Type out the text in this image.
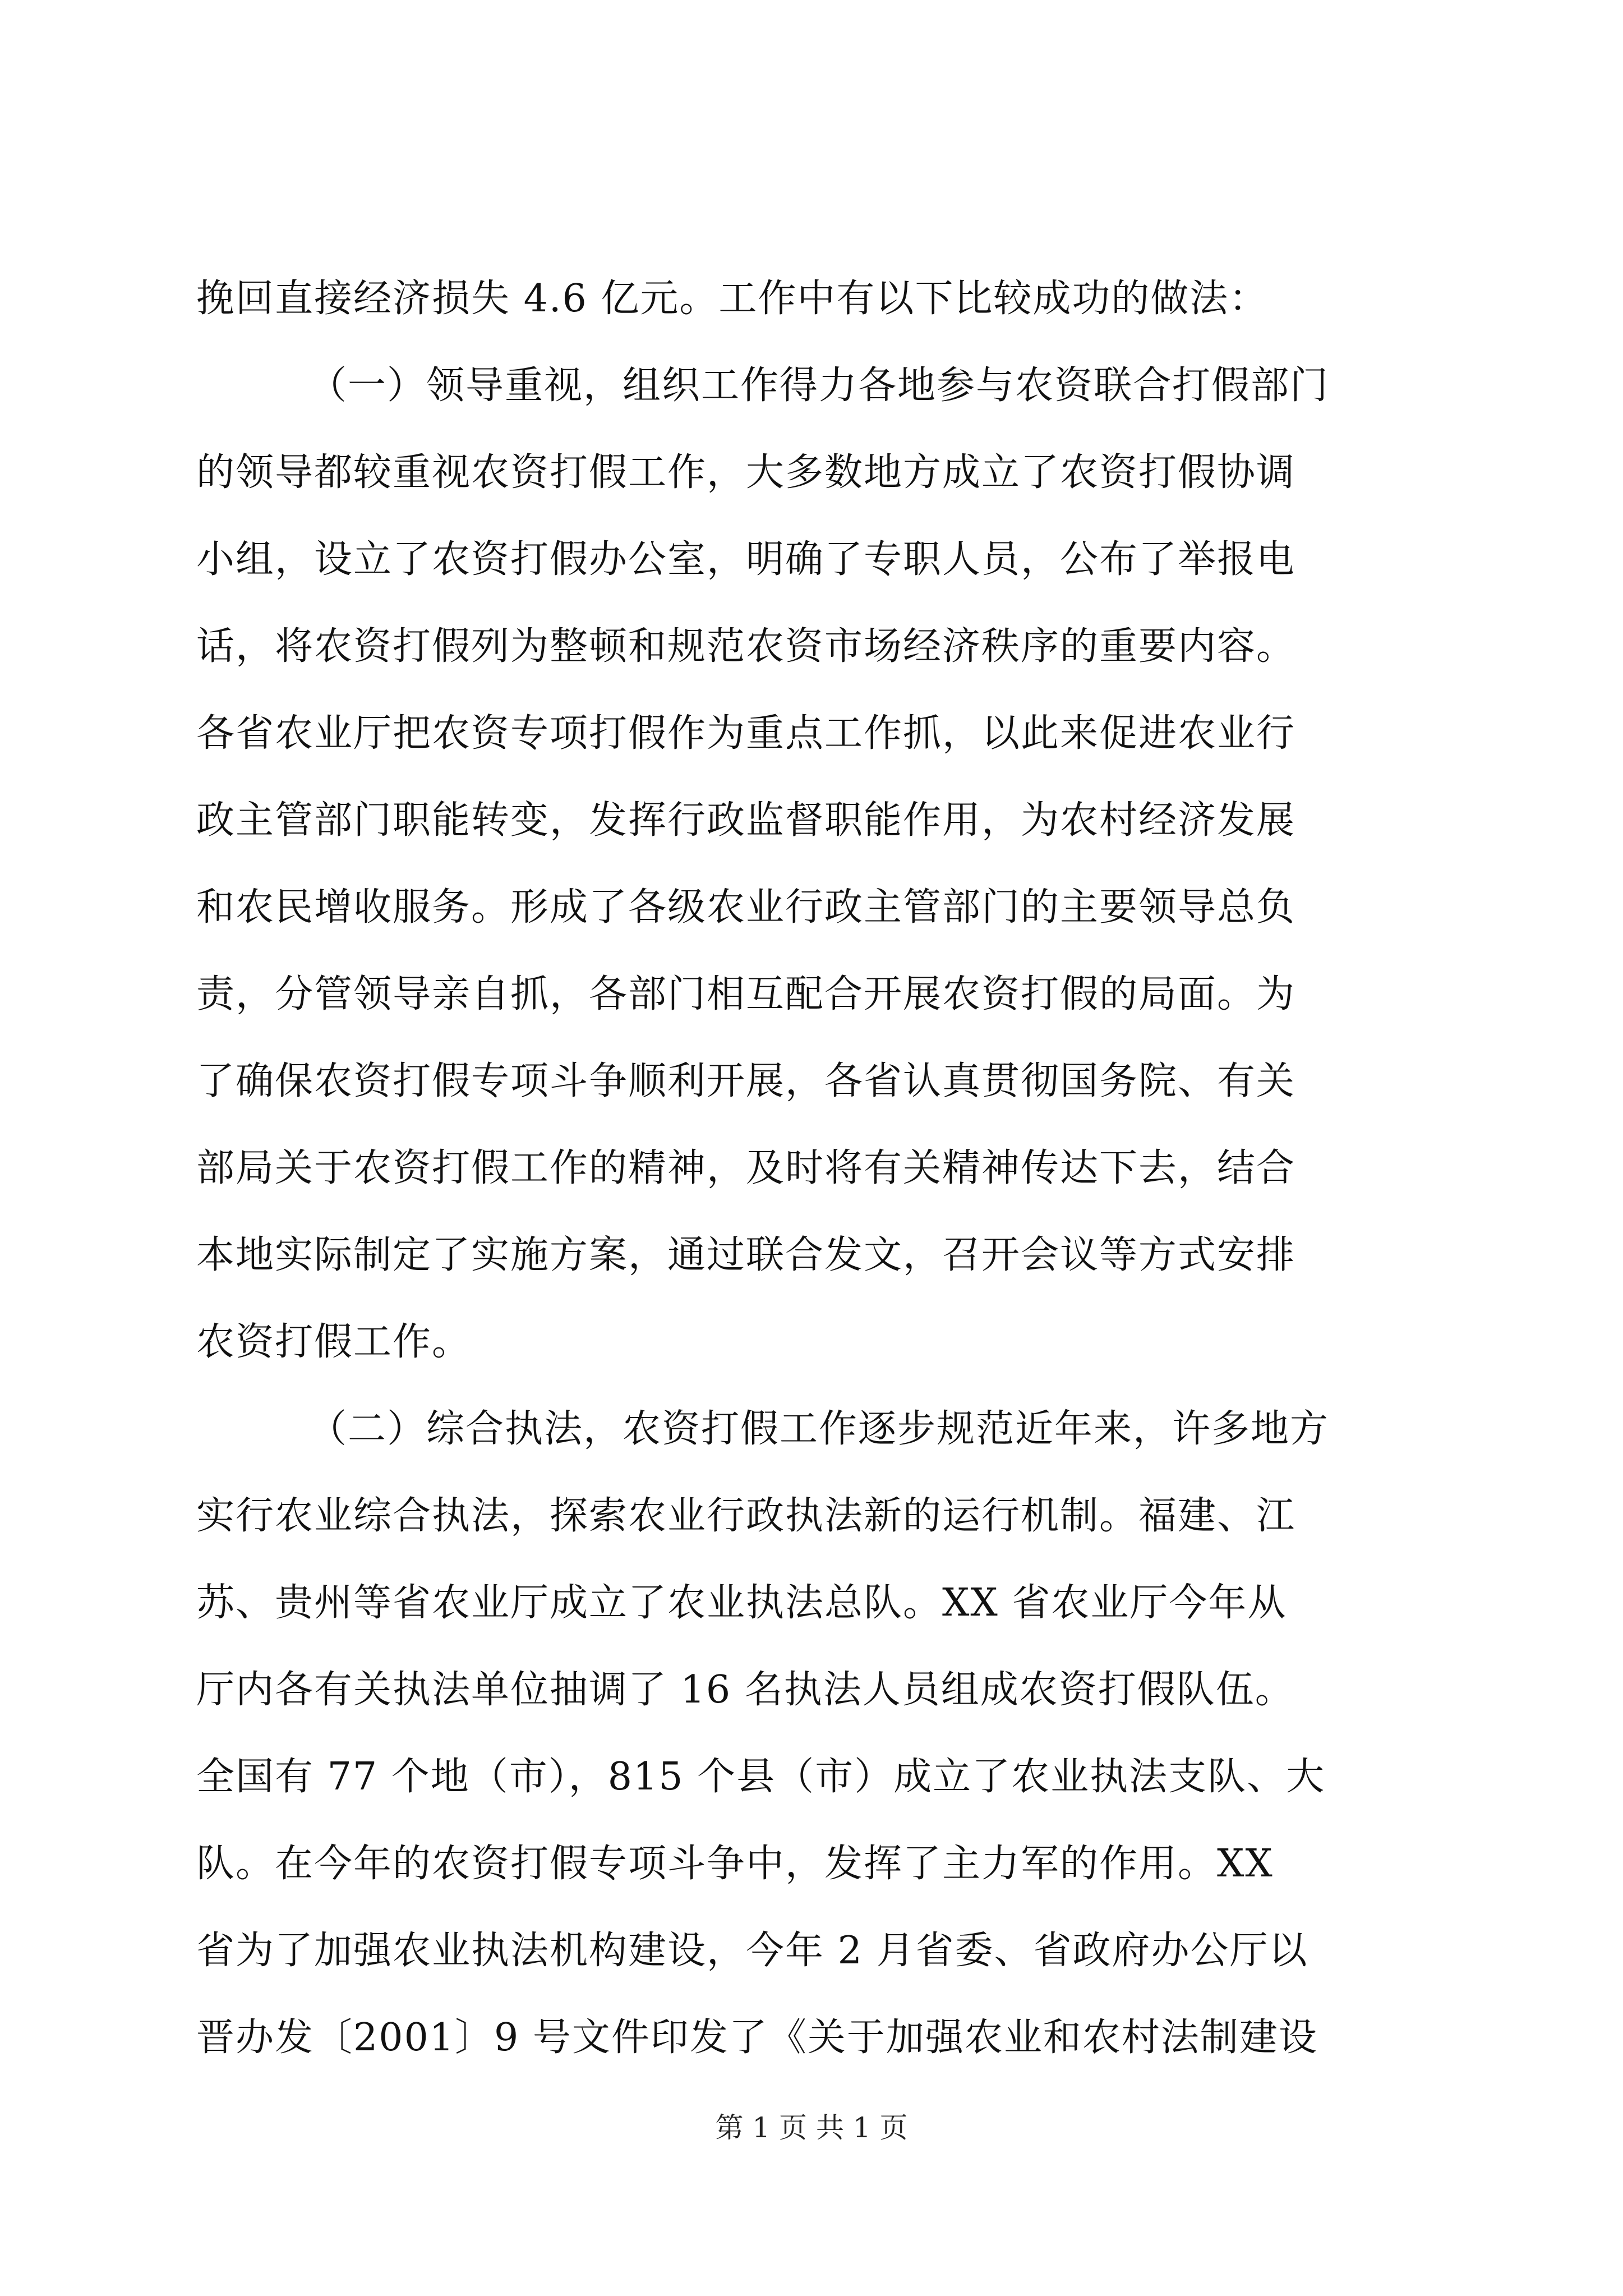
挽回直接经济损失 4.6 亿元。工作中有以下比较成功的做法：
（一）领导重视，组织工作得力各地参与农资联合打假部门
的领导都较重视农资打假工作，大多数地方成立了农资打假协调
小组，设立了农资打假办公室，明确了专职人员，公布了举报电
话，将农资打假列为整顿和规范农资市场经济秩序的重要内容。
各省农业厅把农资专项打假作为重点工作抓，以此来促进农业行
政主管部门职能转变，发挥行政监督职能作用，为农村经济发展
和农民增收服务。形成了各级农业行政主管部门的主要领导总负
责，分管领导亲自抓，各部门相互配合开展农资打假的局面。为
了确保农资打假专项斗争顺利开展，各省认真贯彻国务院、有关
部局关于农资打假工作的精神，及时将有关精神传达下去，结合
本地实际制定了实施方案，通过联合发文，召开会议等方式安排
农资打假工作。
（二）综合执法，农资打假工作逐步规范近年来，许多地方
实行农业综合执法，探索农业行政执法新的运行机制。福建、江
苏、贵州等省农业厅成立了农业执法总队。XX 省农业厅今年从
厅内各有关执法单位抽调了 16 名执法人员组成农资打假队伍。
全国有 77 个地（市），815 个县（市）成立了农业执法支队、大
队。在今年的农资打假专项斗争中，发挥了主力军的作用。XX
省为了加强农业执法机构建设，今年 2 月省委、省政府办公厅以
晋办发〔2001〕9 号文件印发了《关于加强农业和农村法制建设
第 1 页 共 1 页
